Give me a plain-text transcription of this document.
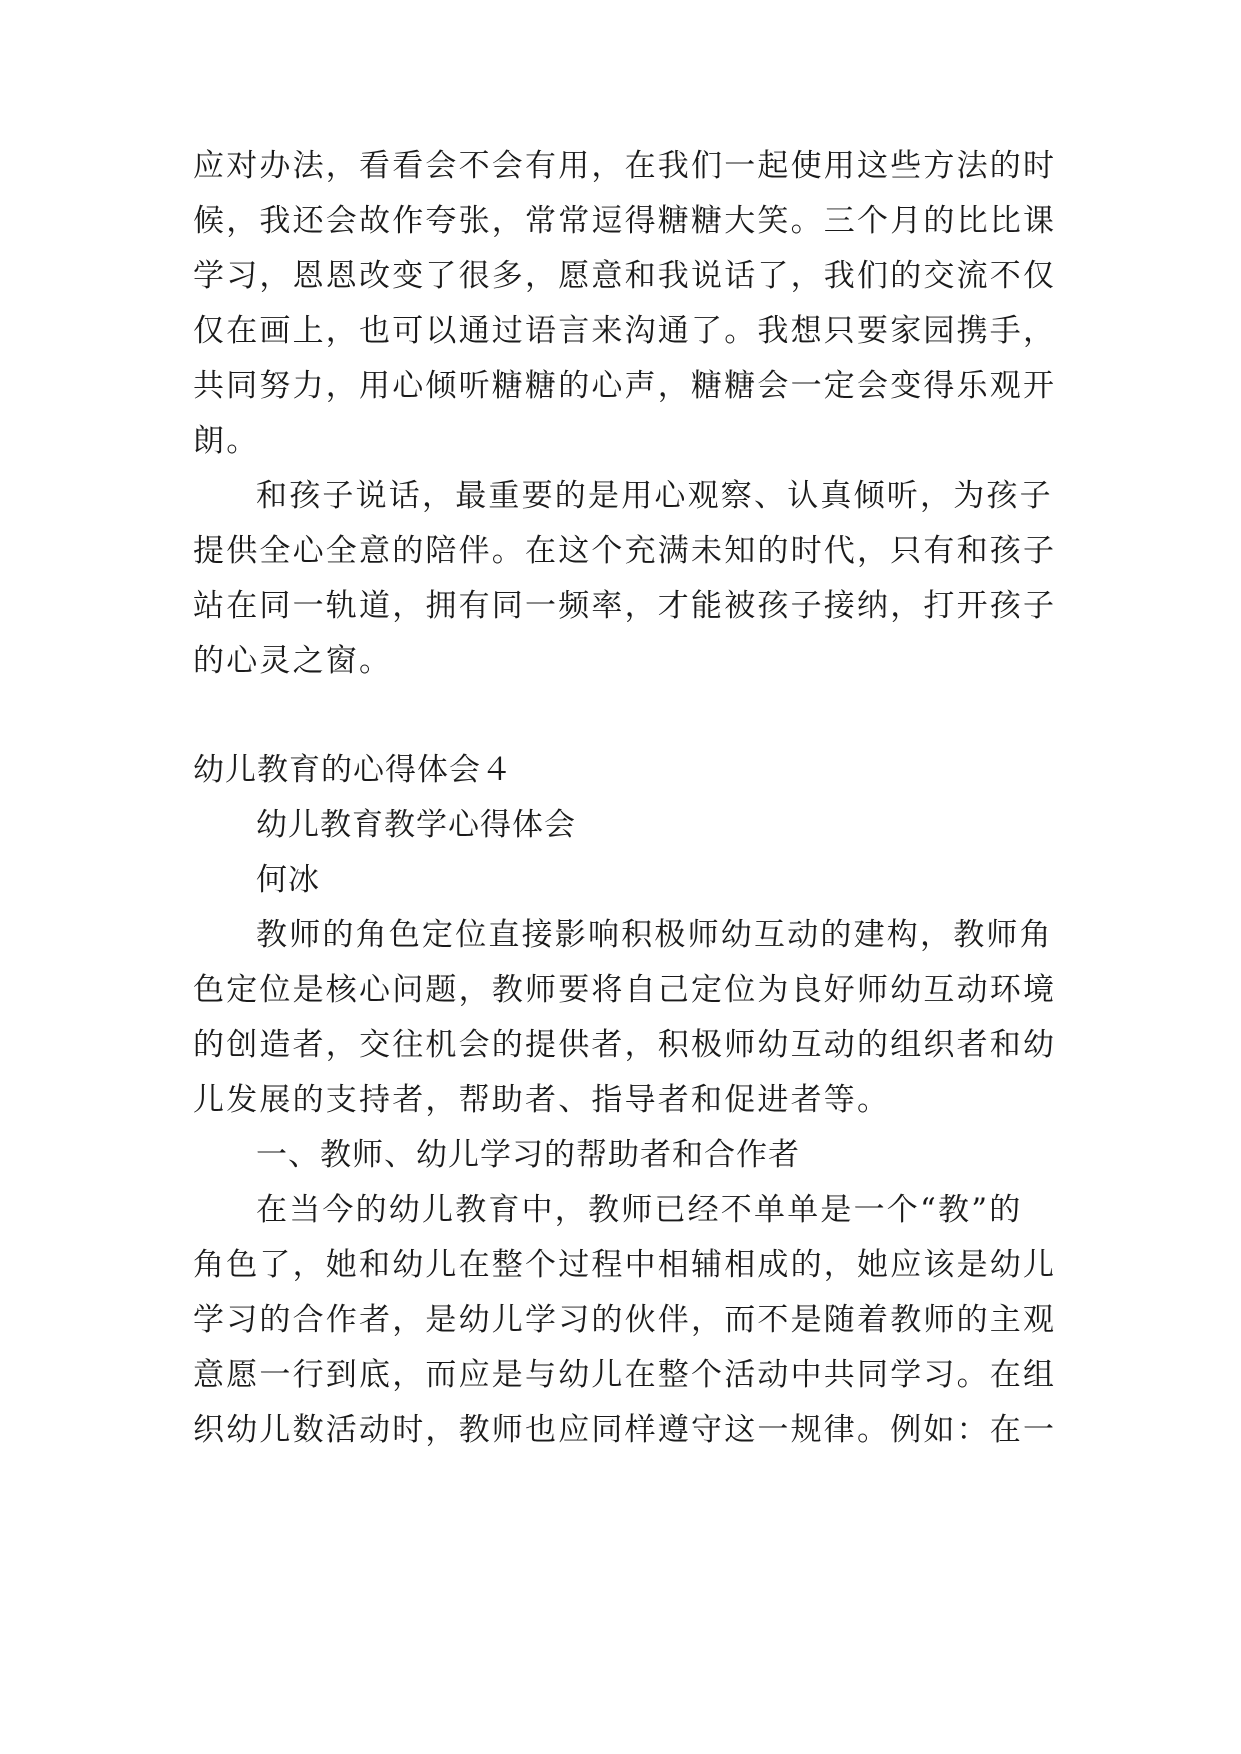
应对办法，看看会不会有用，在我们一起使用这些方法的时
候，我还会故作夸张，常常逗得糖糖大笑。三个月的比比课
学习，恩恩改变了很多，愿意和我说话了，我们的交流不仅
仅在画上，也可以通过语言来沟通了。我想只要家园携手，
共同努力，用心倾听糖糖的心声，糖糖会一定会变得乐观开
朗。
和孩子说话，最重要的是用心观察、认真倾听，为孩子
提供全心全意的陪伴。在这个充满未知的时代，只有和孩子
站在同一轨道，拥有同一频率，才能被孩子接纳，打开孩子
的心灵之窗。
幼儿教育的心得体会４
幼儿教育教学心得体会
何冰
教师的角色定位直接影响积极师幼互动的建构，教师角
色定位是核心问题，教师要将自己定位为良好师幼互动环境
的创造者，交往机会的提供者，积极师幼互动的组织者和幼
儿发展的支持者，帮助者、指导者和促进者等。
一、教师、幼儿学习的帮助者和合作者
在当今的幼儿教育中，教师已经不单单是一个“教”的
角色了，她和幼儿在整个过程中相辅相成的，她应该是幼儿
学习的合作者，是幼儿学习的伙伴，而不是随着教师的主观
意愿一行到底，而应是与幼儿在整个活动中共同学习。在组
织幼儿数活动时，教师也应同样遵守这一规律。例如：在一
